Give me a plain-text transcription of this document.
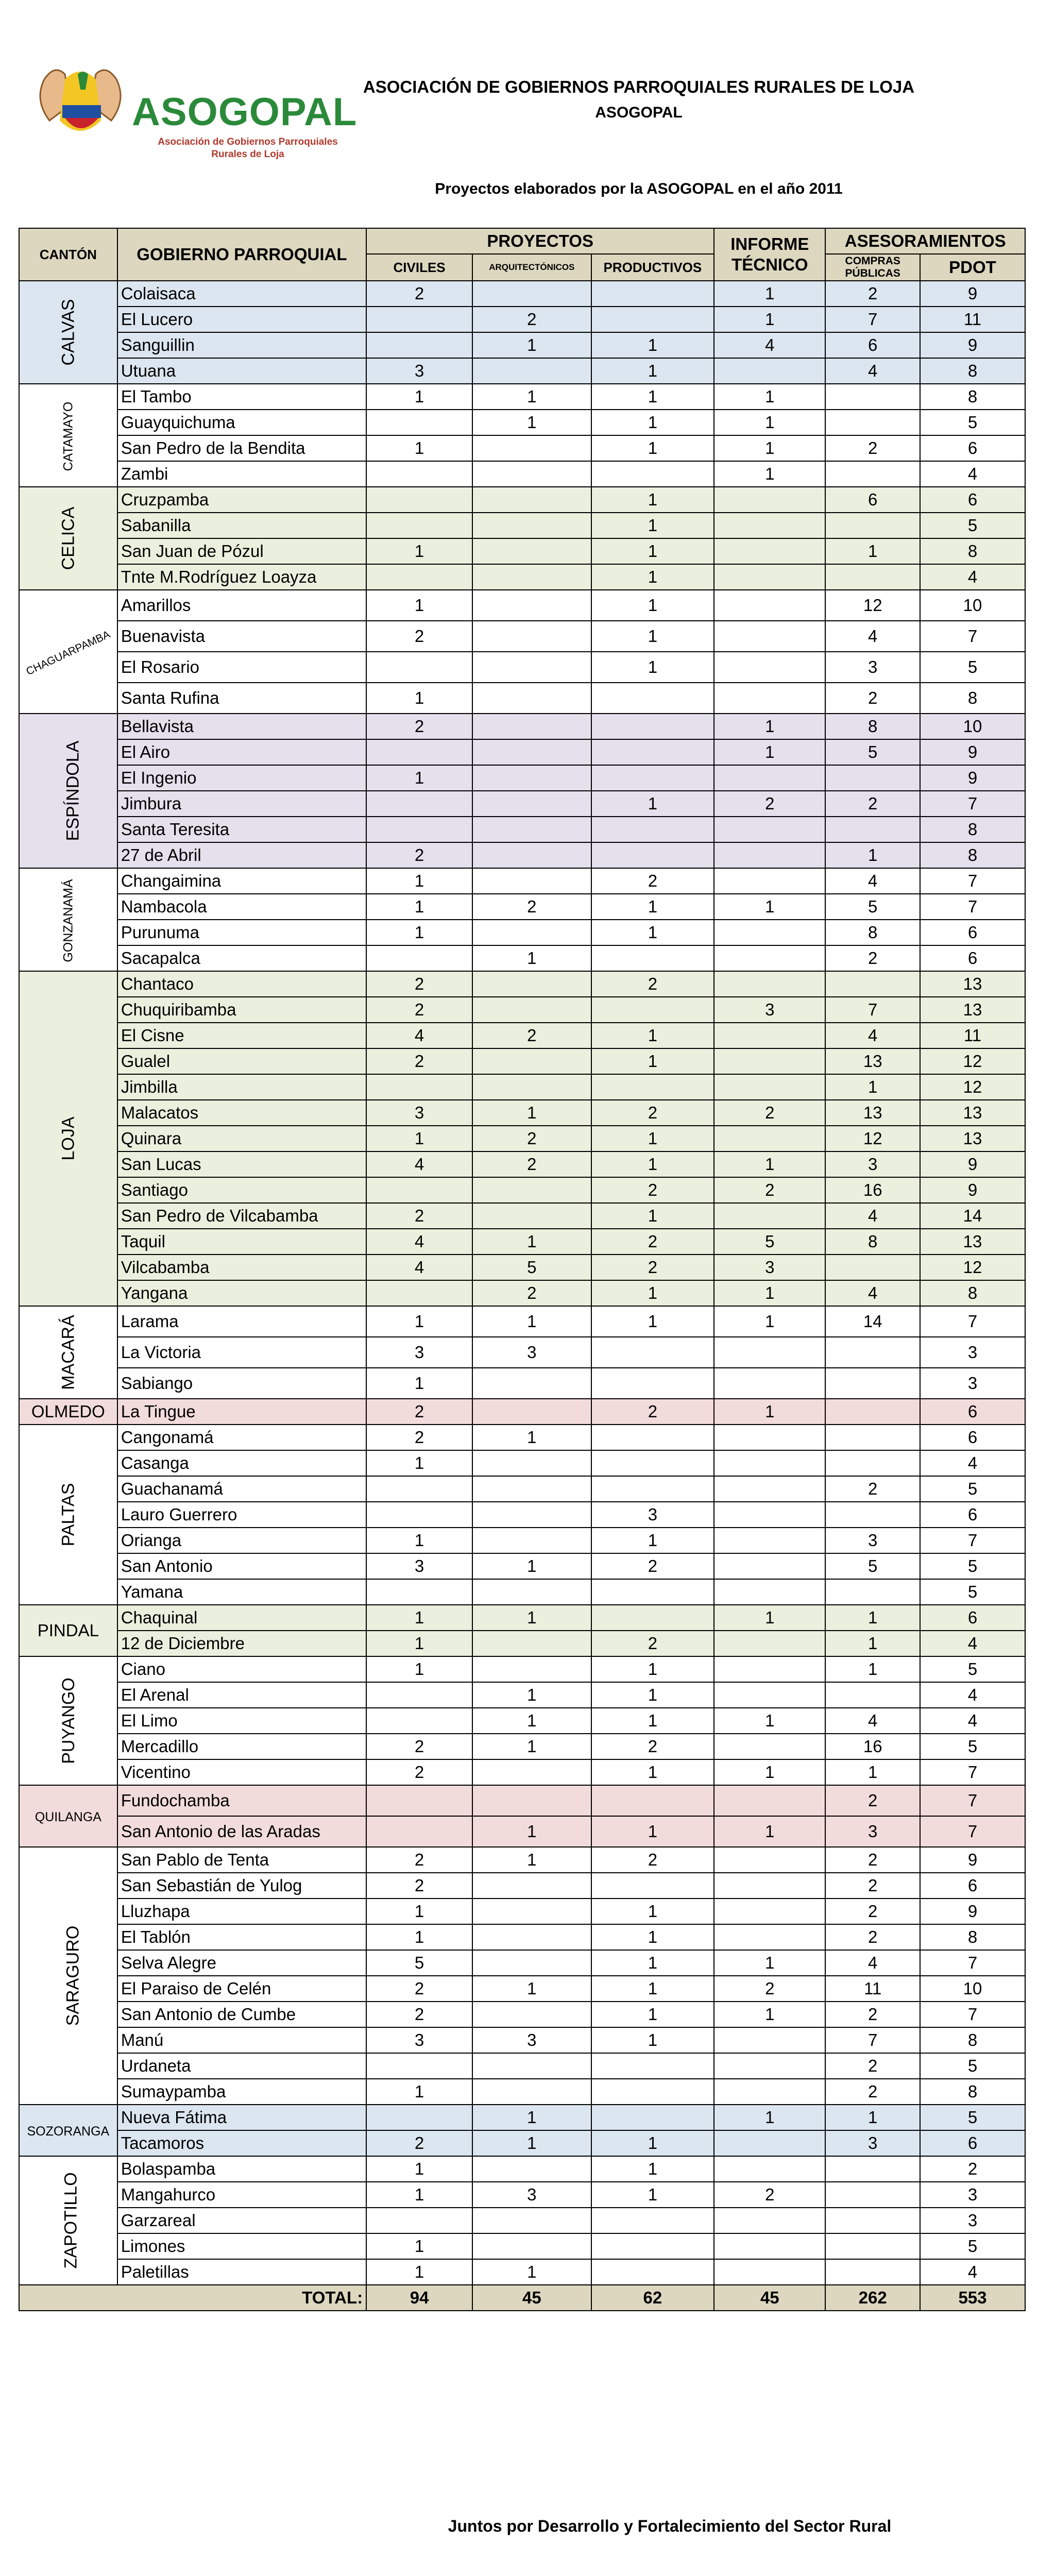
ASOGOPAL
Asociación de Gobiernos Parroquiales Rurales de Loja
ASOCIACIÓN DE GOBIERNOS PARROQUIALES RURALES DE LOJA
ASOGOPAL
Proyectos elaborados por la ASOGOPAL en el año 2011
CANTÓN	GOBIERNO PARROQUIAL	PROYECTOS			INFORME TÉCNICO	ASESORAMIENTOS	
		CIVILES	ARQUITECTÓNICOS	PRODUCTIVOS		COMPRAS PÚBLICAS	PDOT
CALVAS	Colaisaca	2			1	2	9
	El Lucero		2		1	7	11
	Sanguillin		1	1	4	6	9
	Utuana	3		1		4	8
CATAMAYO	El Tambo	1	1	1	1		8
	Guayquichuma		1	1	1		5
	San Pedro de la Bendita	1		1	1	2	6
	Zambi				1		4
CELICA	Cruzpamba			1		6	6
	Sabanilla			1			5
	San Juan de Pózul	1		1		1	8
	Tnte M.Rodríguez Loayza			1			4
CHAGUARPAMBA	Amarillos	1		1		12	10
	Buenavista	2		1		4	7
	El Rosario			1		3	5
	Santa Rufina	1				2	8
ESPÍNDOLA	Bellavista	2			1	8	10
	El Airo				1	5	9
	El Ingenio	1					9
	Jimbura			1	2	2	7
	Santa Teresita						8
	27 de Abril	2				1	8
GONZANAMÁ	Changaimina	1		2		4	7
	Nambacola	1	2	1	1	5	7
	Purunuma	1		1		8	6
	Sacapalca		1			2	6
LOJA	Chantaco	2		2			13
	Chuquiribamba	2			3	7	13
	El Cisne	4	2	1		4	11
	Gualel	2		1		13	12
	Jimbilla					1	12
	Malacatos	3	1	2	2	13	13
	Quinara	1	2	1		12	13
	San Lucas	4	2	1	1	3	9
	Santiago			2	2	16	9
	San Pedro de Vilcabamba	2		1		4	14
	Taquil	4	1	2	5	8	13
	Vilcabamba	4	5	2	3		12
	Yangana		2	1	1	4	8
MACARÁ	Larama	1	1	1	1	14	7
	La Victoria	3	3				3
	Sabiango	1					3
OLMEDO	La Tingue	2		2	1		6
PALTAS	Cangonamá	2	1				6
	Casanga	1					4
	Guachanamá					2	5
	Lauro Guerrero			3			6
	Orianga	1		1		3	7
	San Antonio	3	1	2		5	5
	Yamana						5
PINDAL	Chaquinal	1	1		1	1	6
	12 de Diciembre	1		2		1	4
PUYANGO	Ciano	1		1		1	5
	El Arenal		1	1			4
	El Limo		1	1	1	4	4
	Mercadillo	2	1	2		16	5
	Vicentino	2		1	1	1	7
QUILANGA	Fundochamba					2	7
	San Antonio de las Aradas		1	1	1	3	7
SARAGURO	San Pablo de Tenta	2	1	2		2	9
	San Sebastián de Yulog	2				2	6
	Lluzhapa	1		1		2	9
	El Tablón	1		1		2	8
	Selva Alegre	5		1	1	4	7
	El Paraiso de Celén	2	1	1	2	11	10
	San Antonio de Cumbe	2		1	1	2	7
	Manú	3	3	1		7	8
	Urdaneta					2	5
	Sumaypamba	1				2	8
SOZORANGA	Nueva Fátima		1		1	1	5
	Tacamoros	2	1	1		3	6
ZAPOTILLO	Bolaspamba	1		1			2
	Mangahurco	1	3	1	2		3
	Garzareal						3
	Limones	1					5
	Paletillas	1	1				4
TOTAL:		94	45	62	45	262	553
Juntos por Desarrollo y Fortalecimiento del Sector Rural
